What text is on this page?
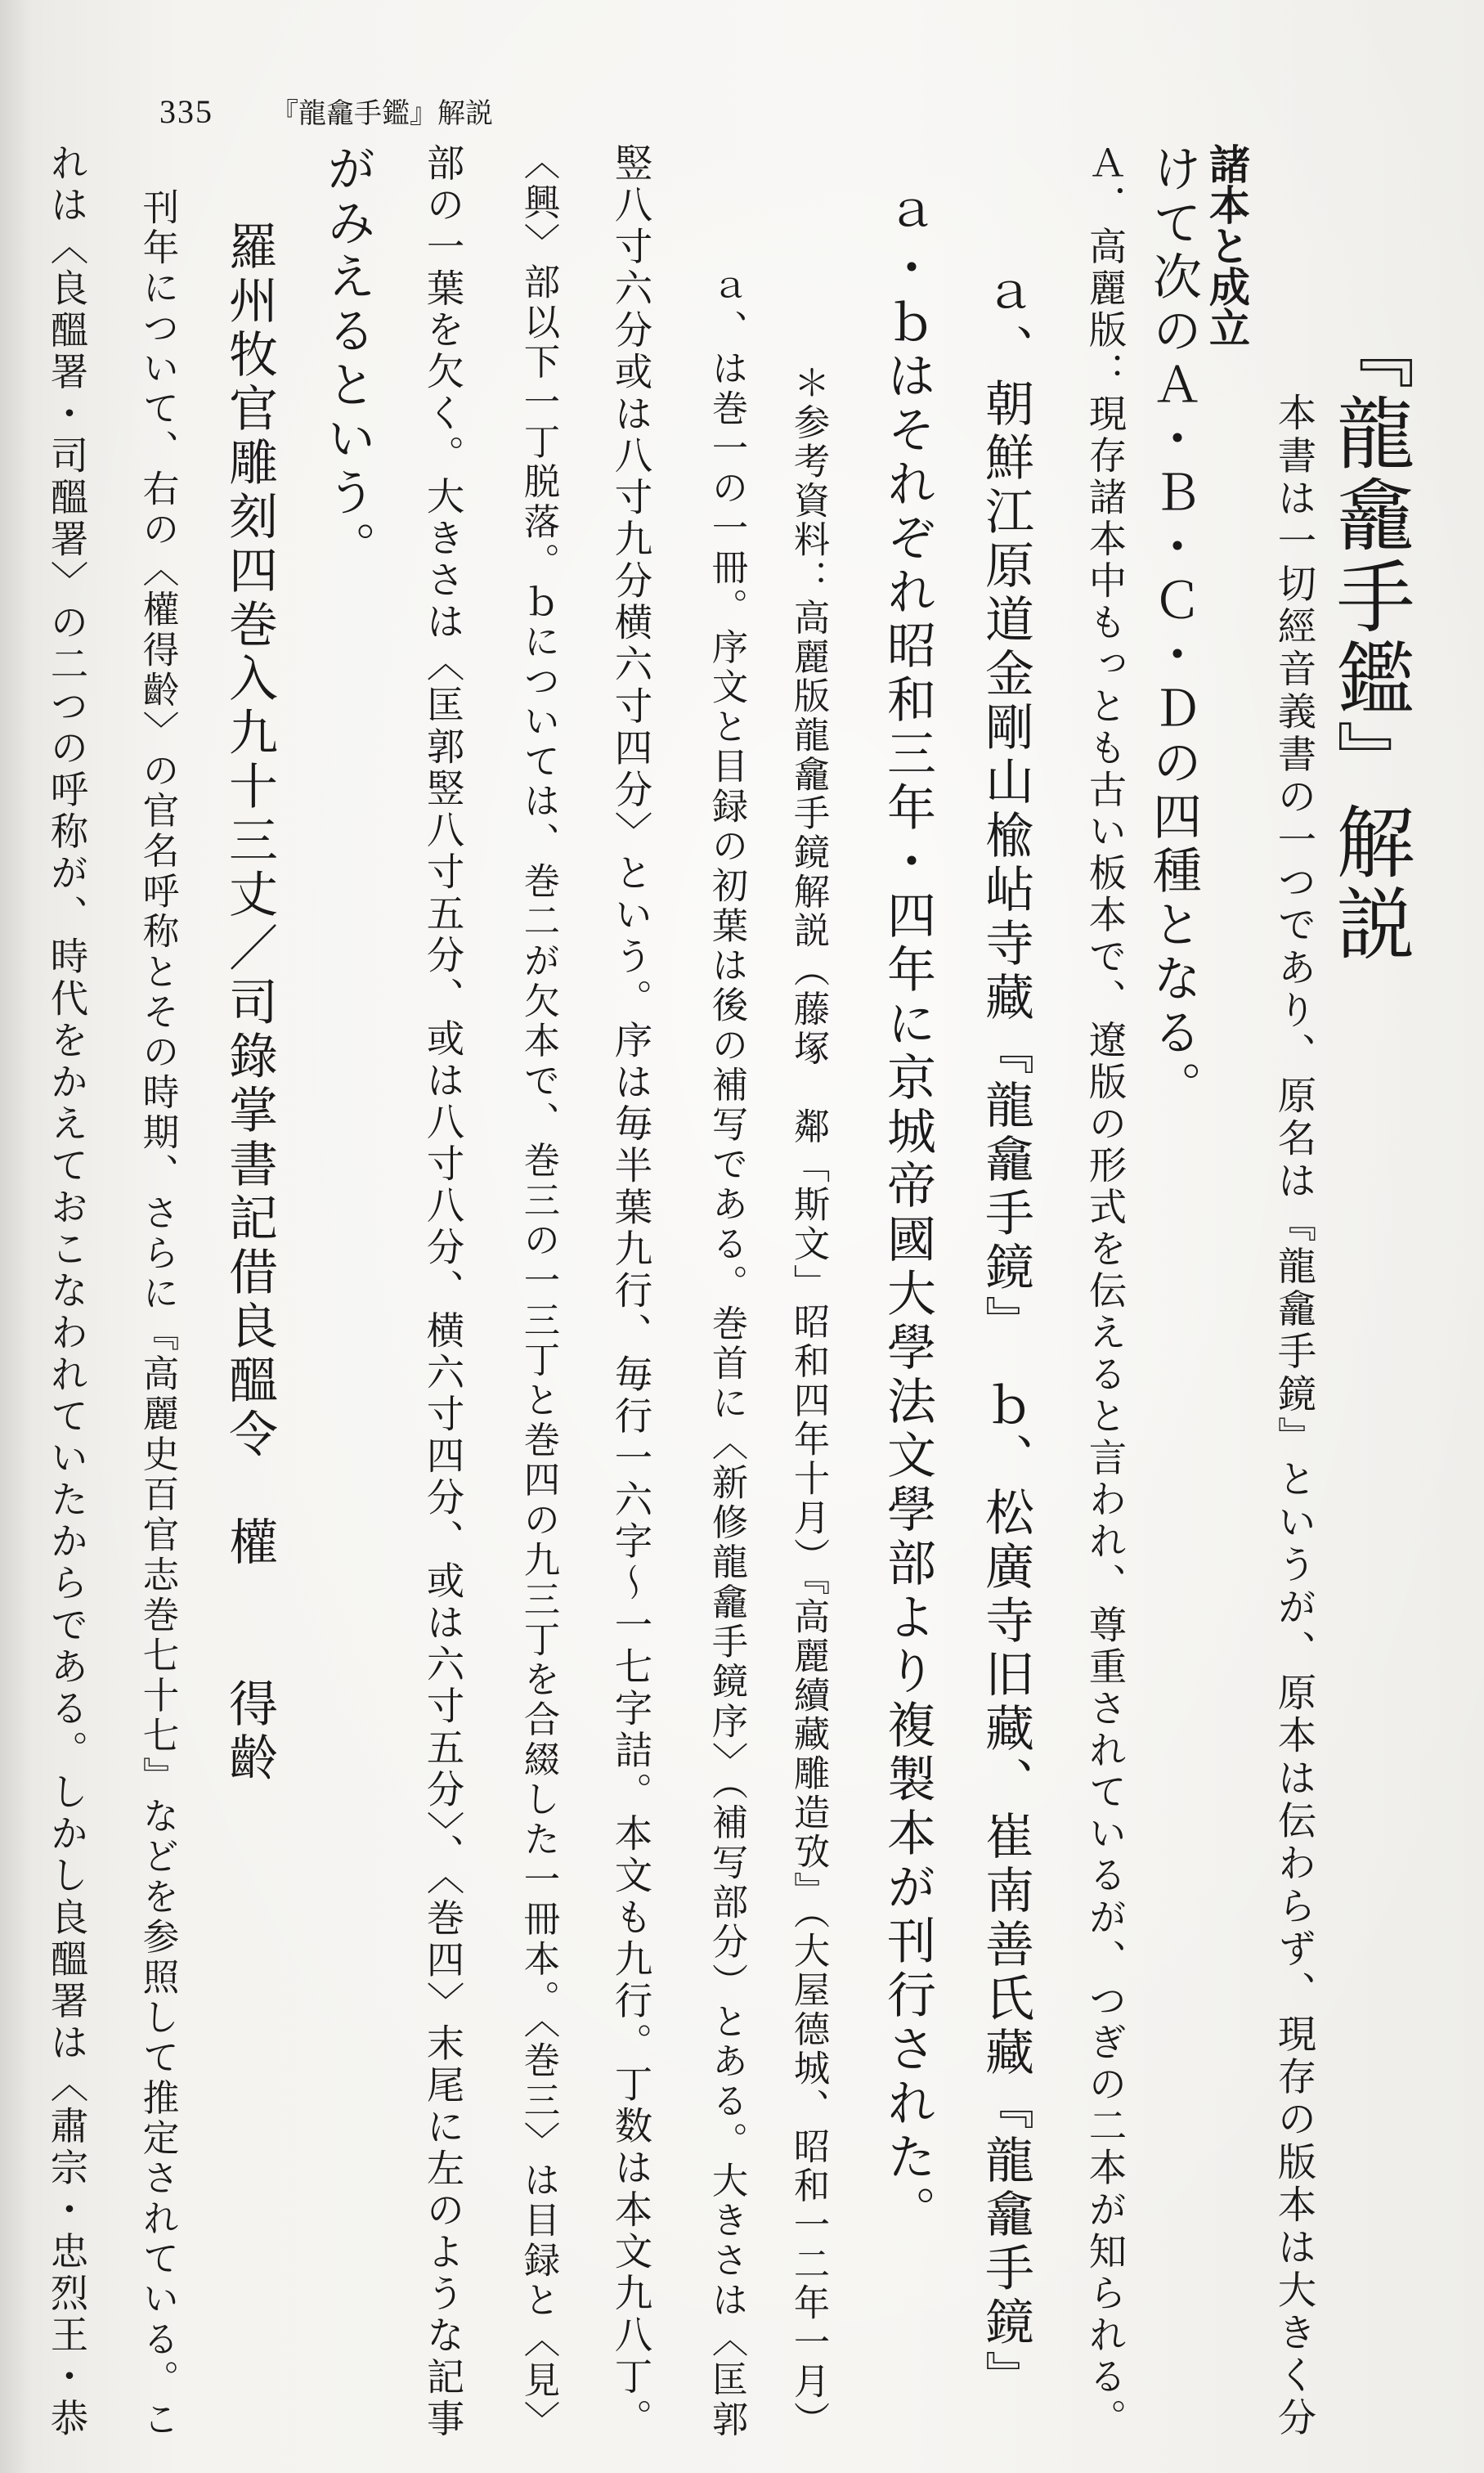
335 『龍龕手鑑』解説
『龍龕手鑑』解説
諸本と成立
本書は一切經音義書の一つであり、原名は『龍龕手鏡』というが、原本は伝わらず、現存の版本は大きく分
けて次のＡ・Ｂ・Ｃ・Ｄの四種となる。
Ａ．高麗版：現存諸本中もっとも古い板本で、遼版の形式を伝えると言われ、尊重されているが、つぎの二本が知られる。
ａ、朝鮮江原道金剛山楡岾寺藏『龍龕手鏡』　ｂ、松廣寺旧藏、崔南善氏藏『龍龕手鏡』
ａ・ｂはそれぞれ昭和三年・四年に京城帝國大學法文學部より複製本が刊行された。
＊参考資料：高麗版龍龕手鏡解説（藤塚　鄰「斯文」昭和四年十月）『高麗續藏雕造攷』（大屋德城、昭和一二年一月）
ａ、は巻一の一冊。序文と目録の初葉は後の補写である。巻首に〈新修龍龕手鏡序〉（補写部分）とある。大きさは〈匡郭
竪八寸六分或は八寸九分横六寸四分〉という。序は毎半葉九行、毎行一六字～一七字詰。本文も九行。丁数は本文九八丁。
〈興〉部以下一丁脱落。ｂについては、巻二が欠本で、巻三の一三丁と巻四の九三丁を合綴した一冊本。〈巻三〉は目録と〈見〉
部の一葉を欠く。大きさは〈匡郭竪八寸五分、或は八寸八分、横六寸四分、或は六寸五分〉、〈巻四〉末尾に左のような記事
がみえるという。
羅州牧官雕刻四巻入九十三丈／司錄掌書記借良醞令　權　　得齡
刊年について、右の〈權得齡〉の官名呼称とその時期、さらに『高麗史百官志巻七十七』などを参照して推定されている。こ
れは〈良醞署・司醞署〉の二つの呼称が、時代をかえておこなわれていたからである。しかし良醞署は〈肅宗・忠烈王・恭
